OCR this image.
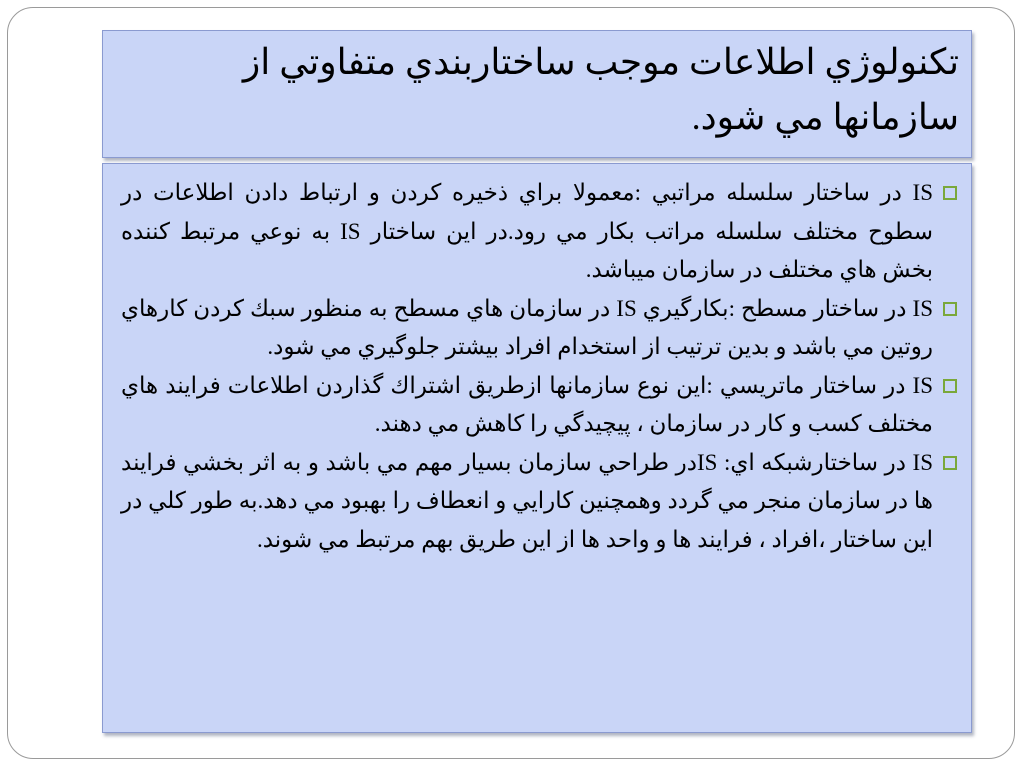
تكنولوژي اطلاعات موجب ساختاربندي متفاوتي از سازمانها مي شود.
IS در ساختار سلسله مراتبي :معمولا براي ذخيره كردن و ارتباط دادن اطلاعات در سطوح مختلف سلسله مراتب بكار مي رود.در اين ساختار IS به نوعي مرتبط كننده بخش هاي مختلف در سازمان ميباشد.
IS در ساختار مسطح :بكارگيري IS در سازمان هاي مسطح به منظور سبك كردن كارهاي روتين مي باشد و بدين ترتيب از استخدام افراد بيشتر جلوگيري مي شود.
IS در ساختار ماتريسي :اين نوع سازمانها ازطريق اشتراك گذاردن اطلاعات فرايند هاي مختلف كسب و كار در سازمان ، پيچيدگي را كاهش مي دهند.
IS در ساختارشبكه اي: ISدر طراحي سازمان بسيار مهم مي باشد و به اثر بخشي فرايند ها در سازمان منجر مي گردد وهمچنين كارايي و انعطاف را بهبود مي دهد.به طور كلي در اين ساختار ،افراد ، فرايند ها و واحد ها از اين طريق بهم مرتبط مي شوند.
